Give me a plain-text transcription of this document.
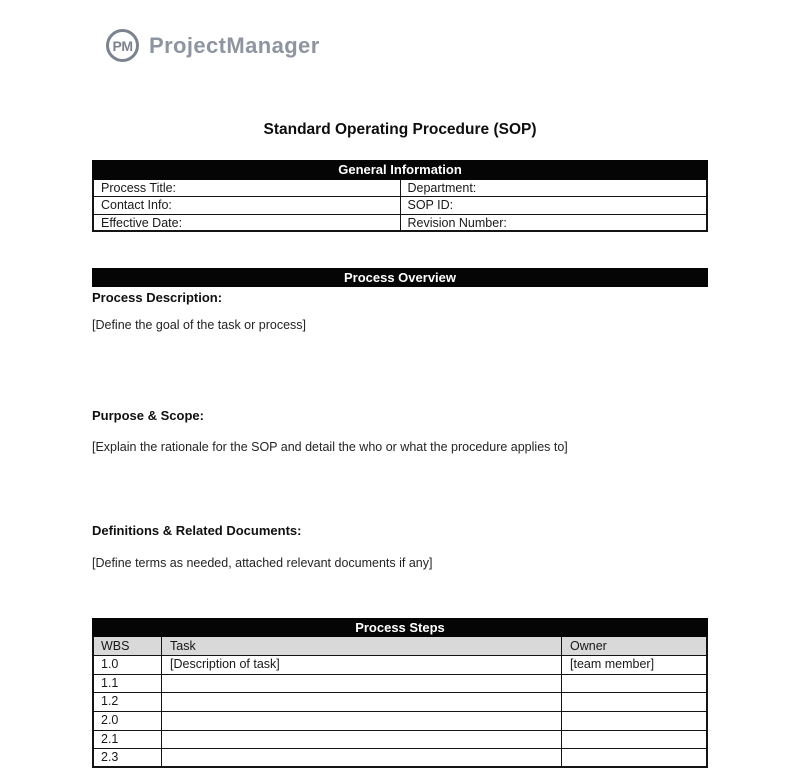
PM ProjectManager
Standard Operating Procedure (SOP)
General Information
Process Title:	Department:
Contact Info:	SOP ID:
Effective Date:	Revision Number:
Process Overview
Process Description:
[Define the goal of the task or process]
Purpose & Scope:
[Explain the rationale for the SOP and detail the who or what the procedure applies to]
Definitions & Related Documents:
[Define terms as needed, attached relevant documents if any]
Process Steps
WBS	Task	Owner
1.0	[Description of task]	[team member]
1.1
1.2
2.0
2.1
2.3
